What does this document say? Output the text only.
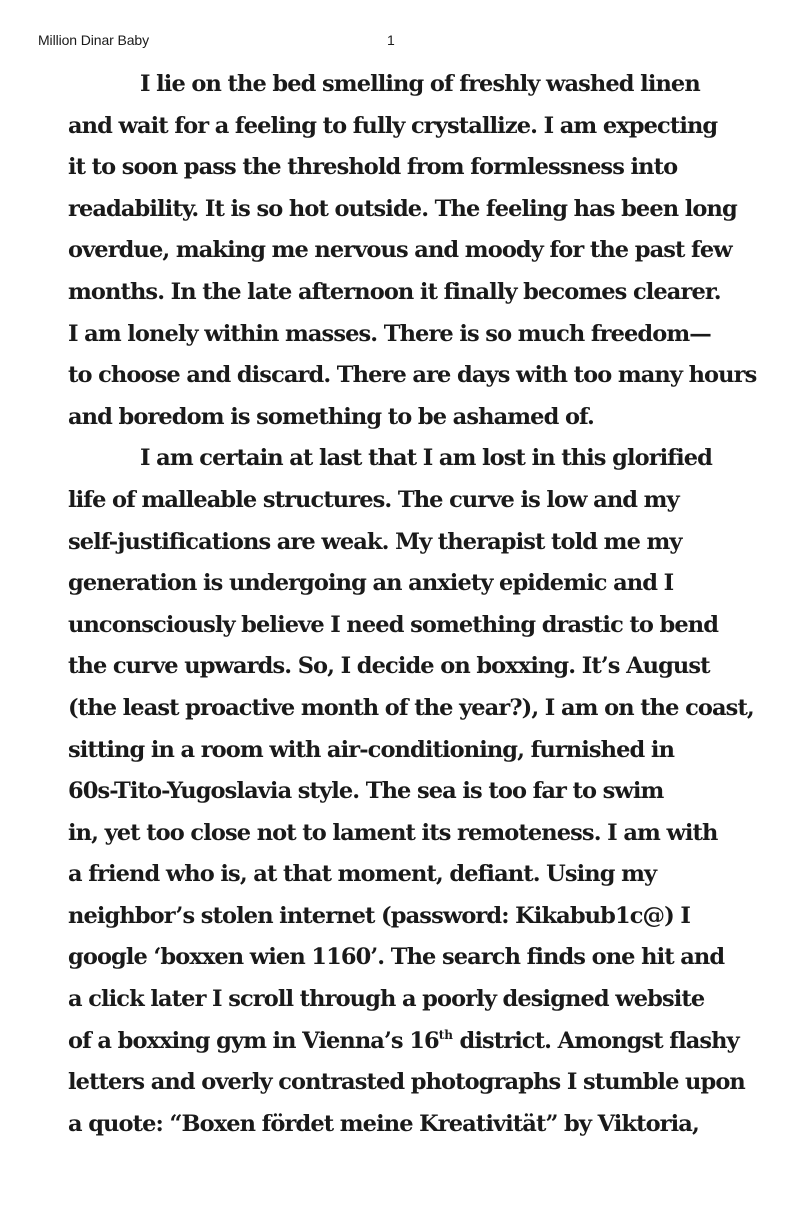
Million Dinar Baby	1
I lie on the bed smelling of freshly washed linen
and wait for a feeling to fully crystallize. I am expecting
it to soon pass the threshold from formlessness into
readability. It is so hot outside. The feeling has been long
overdue, making me nervous and moody for the past few
months. In the late afternoon it finally becomes clearer.
I am lonely within masses. There is so much freedom—
to choose and discard. There are days with too many hours
and boredom is something to be ashamed of.
I am certain at last that I am lost in this glorified
life of malleable structures. The curve is low and my
self-justifications are weak. My therapist told me my
generation is undergoing an anxiety epidemic and I
unconsciously believe I need something drastic to bend
the curve upwards. So, I decide on boxxing. It’s August
(the least proactive month of the year?), I am on the coast,
sitting in a room with air-conditioning, furnished in
60s-Tito-Yugoslavia style. The sea is too far to swim
in, yet too close not to lament its remoteness. I am with
a friend who is, at that moment, defiant. Using my
neighbor’s stolen internet (password: Kikabub1c@) I
google ‘boxxen wien 1160’. The search finds one hit and
a click later I scroll through a poorly designed website
of a boxxing gym in Vienna’s 16th district. Amongst flashy
letters and overly contrasted photographs I stumble upon
a quote: “Boxen fördet meine Kreativität” by Viktoria,
